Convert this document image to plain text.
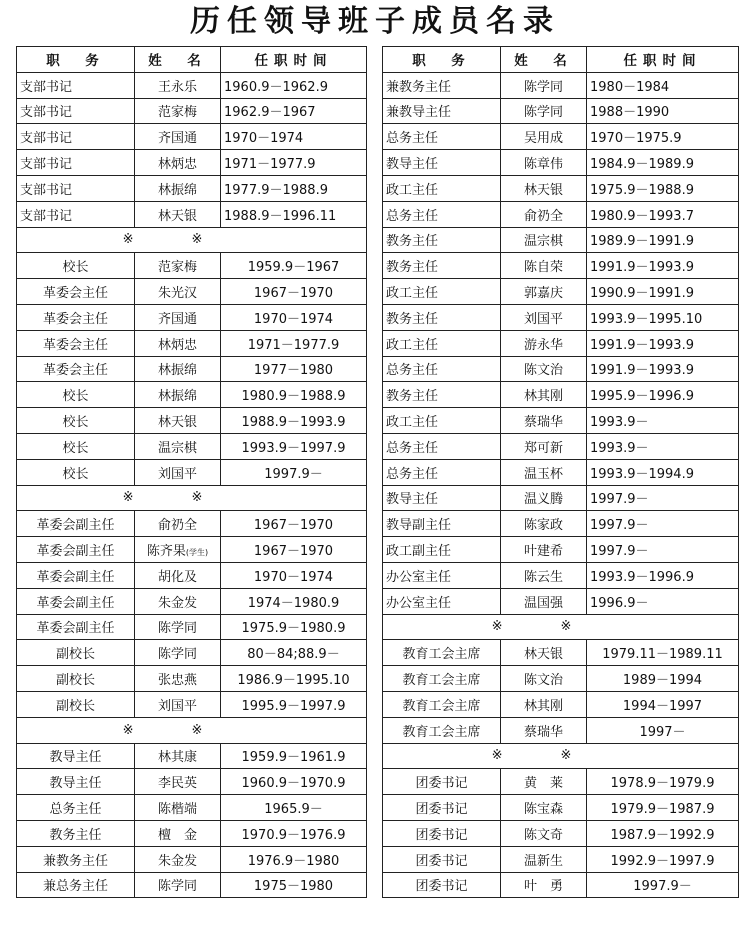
历任领导班子成员名录
职　务	姓　名	任职时间
支部书记	王永乐	1960.9－1962.9
支部书记	范家梅	1962.9－1967
支部书记	齐国通	1970－1974
支部书记	林炳忠	1971－1977.9
支部书记	林振绵	1977.9－1988.9
支部书记	林天银	1988.9－1996.11
※※		
校长	范家梅	1959.9－1967
革委会主任	朱光汉	1967－1970
革委会主任	齐国通	1970－1974
革委会主任	林炳忠	1971－1977.9
革委会主任	林振绵	1977－1980
校长	林振绵	1980.9－1988.9
校长	林天银	1988.9－1993.9
校长	温宗棋	1993.9－1997.9
校长	刘国平	1997.9－
※※		
革委会副主任	俞礽全	1967－1970
革委会副主任	陈齐果(学生)	1967－1970
革委会副主任	胡化及	1970－1974
革委会副主任	朱金发	1974－1980.9
革委会副主任	陈学同	1975.9－1980.9
副校长	陈学同	80－84;88.9－
副校长	张忠燕	1986.9－1995.10
副校长	刘国平	1995.9－1997.9
※※		
教导主任	林其康	1959.9－1961.9
教导主任	李民英	1960.9－1970.9
总务主任	陈楷端	1965.9－
教务主任	檀　金	1970.9－1976.9
兼教务主任	朱金发	1976.9－1980
兼总务主任	陈学同	1975－1980
职　务	姓　名	任职时间
兼教务主任	陈学同	1980－1984
兼教导主任	陈学同	1988－1990
总务主任	吴用成	1970－1975.9
教导主任	陈章伟	1984.9－1989.9
政工主任	林天银	1975.9－1988.9
总务主任	俞礽全	1980.9－1993.7
教务主任	温宗棋	1989.9－1991.9
教务主任	陈自荣	1991.9－1993.9
政工主任	郭嘉庆	1990.9－1991.9
教务主任	刘国平	1993.9－1995.10
政工主任	游永华	1991.9－1993.9
总务主任	陈文治	1991.9－1993.9
教务主任	林其刚	1995.9－1996.9
政工主任	蔡瑞华	1993.9－
总务主任	郑可新	1993.9－
总务主任	温玉杯	1993.9－1994.9
教导主任	温义腾	1997.9－
教导副主任	陈家政	1997.9－
政工副主任	叶建希	1997.9－
办公室主任	陈云生	1993.9－1996.9
办公室主任	温国强	1996.9－
※※		
教育工会主席	林天银	1979.11－1989.11
教育工会主席	陈文治	1989－1994
教育工会主席	林其刚	1994－1997
教育工会主席	蔡瑞华	1997－
※※		
团委书记	黄　莱	1978.9－1979.9
团委书记	陈宝森	1979.9－1987.9
团委书记	陈文奇	1987.9－1992.9
团委书记	温新生	1992.9－1997.9
团委书记	叶　勇	1997.9－
